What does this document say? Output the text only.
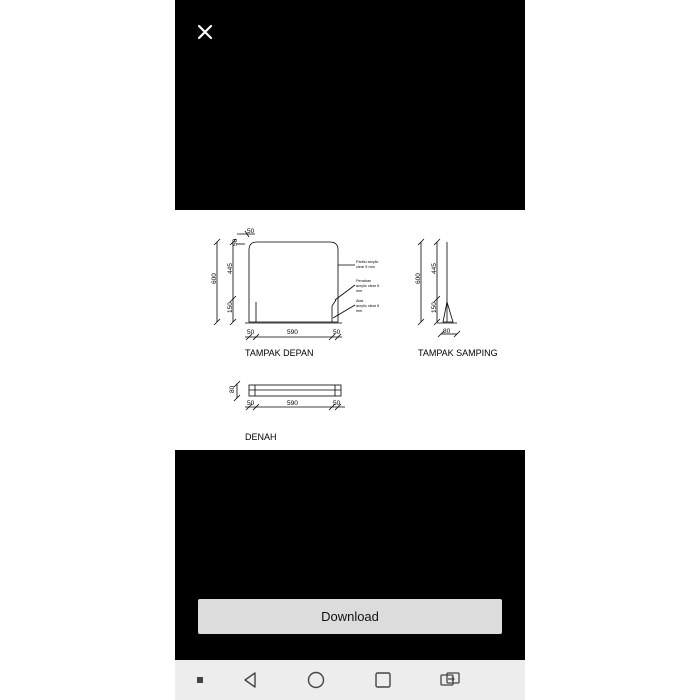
50
50
600
445
150
50	590	50
Partisi acrylic
clear 5 mm
Penahan
acrylic clear 5
mm
Alas
acrylic clear 5
mm
TAMPAK DEPAN
600
445
150
80
80
50	590	50
TAMPAK SAMPING
DENAH
Download
